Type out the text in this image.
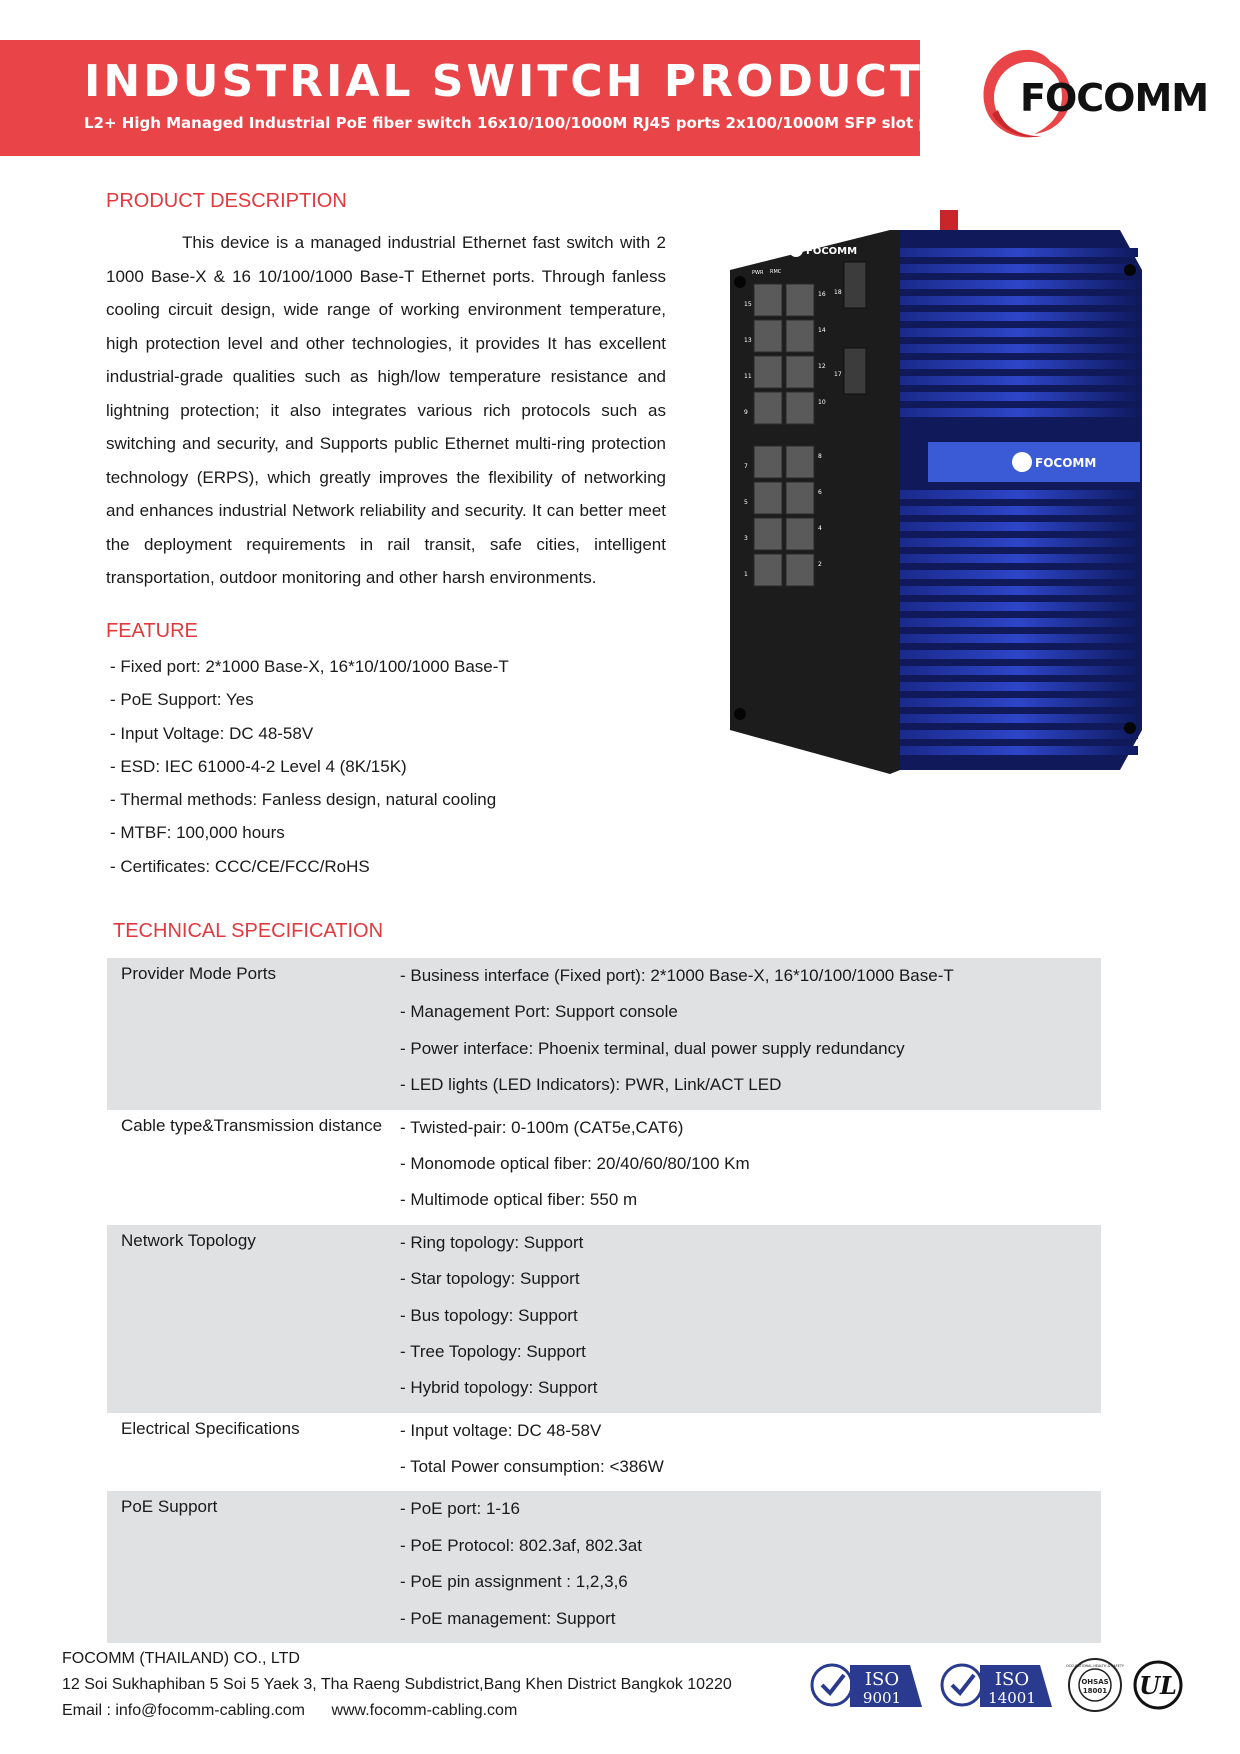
INDUSTRIAL SWITCH PRODUCTS
L2+ High Managed Industrial PoE fiber switch 16x10/100/1000M RJ45 ports 2x100/1000M SFP slot ports
FOCOMM
PRODUCT DESCRIPTION

This device is a managed industrial Ethernet fast switch with 2 1000 Base-X & 16 10/100/1000 Base-T Ethernet ports. Through fanless cooling circuit design, wide range of working environment temperature, high protection level and other technologies, it provides It has excellent industrial-grade qualities such as high/low temperature resistance and lightning protection; it also integrates various rich protocols such as switching and security, and Supports public Ethernet multi-ring protection technology (ERPS), which greatly improves the flexibility of networking and enhances industrial Network reliability and security. It can better meet the deployment requirements in rail transit, safe cities, intelligent transportation, outdoor monitoring and other harsh environments.

FEATURE
- Fixed port: 2*1000 Base-X, 16*10/100/1000 Base-T
- PoE Support: Yes
- Input Voltage: DC 48-58V
- ESD: IEC 61000-4-2 Level 4 (8K/15K)
- Thermal methods: Fanless design, natural cooling
- MTBF: 100,000 hours
- Certificates: CCC/CE/FCC/RoHS
FOCOMM
FOCOMM
PWR RMC
16
14
12
10
8
6
4
2
15
13
11
9
7
5
3
1
18
17
TECHNICAL SPECIFICATION
Provider Mode Ports	- Business interface (Fixed port): 2*1000 Base-X, 16*10/100/1000 Base-T
- Management Port: Support console
- Power interface: Phoenix terminal, dual power supply redundancy
- LED lights (LED Indicators): PWR, Link/ACT LED
Cable type&Transmission distance - Twisted-pair: 0-100m (CAT5e,CAT6)
- Monomode optical fiber: 20/40/60/80/100 Km
- Multimode optical fiber: 550 m
Network Topology	- Ring topology: Support
- Star topology: Support
- Bus topology: Support
- Tree Topology: Support
- Hybrid topology: Support
Electrical Specifications	- Input voltage: DC 48-58V
- Total Power consumption: <386W
PoE Support	- PoE port: 1-16
- PoE Protocol: 802.3af, 802.3at
- PoE pin assignment : 1,2,3,6
- PoE management: Support
FOCOMM (THAILAND) CO., LTD
12 Soi Sukhaphiban 5 Soi 5 Yaek 3, Tha Raeng Subdistrict,Bang Khen District Bangkok 10220
Email : info@focomm-cabling.com www.focomm-cabling.com
ISO
9001
ISO
14001
OCCUPATIONAL HEALTH & SAFETY
OHSAS
18001 UL
